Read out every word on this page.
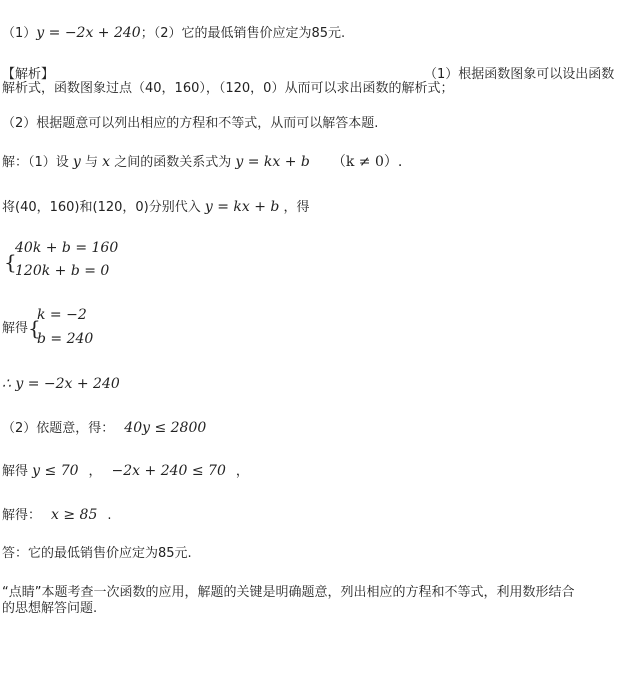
（1）y = −2x + 240；（2）它的最低销售价应定为85元.
【解析】	（1）根据函数图象可以设出函数
解析式，函数图象过点（40，160），（120，0）从而可以求出函数的解析式；
（2）根据题意可以列出相应的方程和不等式，从而可以解答本题.
解：（1）设 y 与 x 之间的函数关系式为 y = kx + b （k ≠ 0）.
将(40，160)和(120，0)分别代入 y = kx + b ，得
{
40k + b = 160
120k + b = 0
解得 {
k = −2
b = 240
∴ y = −2x + 240
（2）依题意，得： 40y ≤ 2800
解得 y ≤ 70 ， −2x + 240 ≤ 70 ，
解得： x ≥ 85 .
答：它的最低销售价应定为85元.
“点睛”本题考查一次函数的应用，解题的关键是明确题意，列出相应的方程和不等式，利用数形结合
的思想解答问题.
